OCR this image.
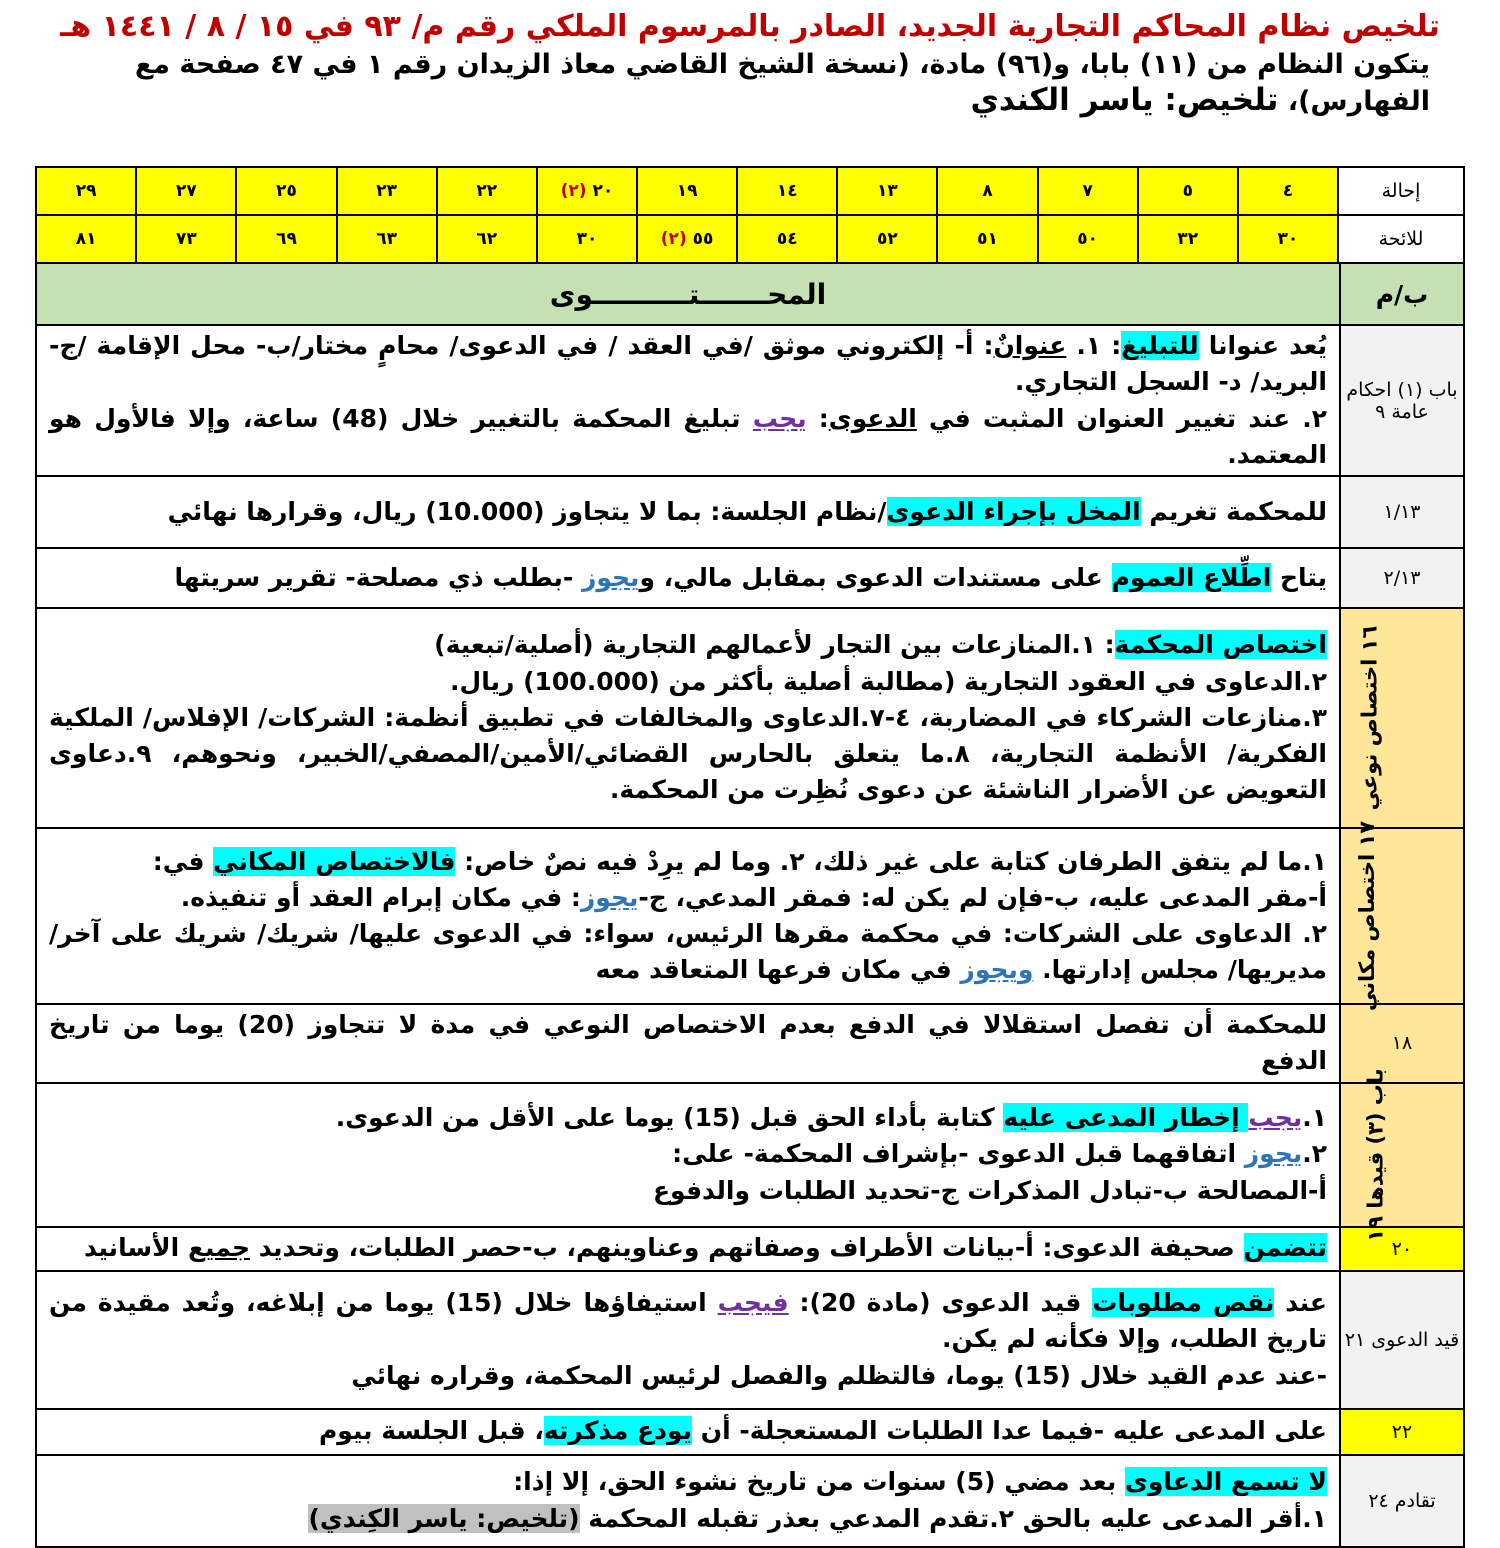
تلخيص نظام المحاكم التجارية الجديد، الصادر بالمرسوم الملكي رقم م/ ٩٣ في ١٥ / ٨ / ١٤٤١ هـ
يتكون النظام من (١١) بابا، و(٩٦) مادة، (نسخة الشيخ القاضي معاذ الزيدان رقم ١ في ٤٧ صفحة مع الفهارس)، تلخيص: ياسر الكندي
إحالة	٤	٥	٧	٨	١٣	١٤	١٩	٢٠ (٢)	٢٢	٢٣	٢٥	٢٧	٢٩
للائحة	٣٠	٣٢	٥٠	٥١	٥٢	٥٤	٥٥ (٢)	٣٠	٦٢	٦٣	٦٩	٧٣	٨١
ب/م	المحـــــــتــــــــــوى
باب (١) احكام عامة ٩	يُعد عنوانا للتبليغ: ١. عنوانٌ: أ- إلكتروني موثق /في العقد / في الدعوى/ محامٍ مختار/ب- محل الإقامة /ج- البريد/ د- السجل التجاري.
٢. عند تغيير العنوان المثبت في الدعوى: يجب تبليغ المحكمة بالتغيير خلال (48) ساعة، وإلا فالأول هو المعتمد.
١/١٣	للمحكمة تغريم المخل بإجراء الدعوى/نظام الجلسة: بما لا يتجاوز (10.000) ريال، وقرارها نهائي
٢/١٣	يتاح اطِّلاع العموم على مستندات الدعوى بمقابل مالي، ويجوز -بطلب ذي مصلحة- تقرير سريتها
١٦ اختصاص نوعي	اختصاص المحكمة: ١.المنازعات بين التجار لأعمالهم التجارية (أصلية/تبعية)
٢.الدعاوى في العقود التجارية (مطالبة أصلية بأكثر من (100.000) ريال.
٣.منازعات الشركاء في المضاربة، ٤-٧.الدعاوى والمخالفات في تطبيق أنظمة: الشركات/ الإفلاس/ الملكية الفكرية/ الأنظمة التجارية، ٨.ما يتعلق بالحارس القضائي/الأمين/المصفي/الخبير، ونحوهم، ٩.دعاوى التعويض عن الأضرار الناشئة عن دعوى نُظِرت من المحكمة.
١٧ اختصاص مكاني	١.ما لم يتفق الطرفان كتابة على غير ذلك، ٢. وما لم يرِدْ فيه نصٌ خاص: فالاختصاص المكاني في:
أ-مقر المدعى عليه، ب-فإن لم يكن له: فمقر المدعي، ج-يجوز: في مكان إبرام العقد أو تنفيذه.
٢. الدعاوى على الشركات: في محكمة مقرها الرئيس، سواء: في الدعوى عليها/ شريك/ شريك على آخر/ مديريها/ مجلس إدارتها. ويجوز في مكان فرعها المتعاقد معه
١٨	للمحكمة أن تفصل استقلالا في الدفع بعدم الاختصاص النوعي في مدة لا تتجاوز (20) يوما من تاريخ الدفع
باب (٣) قيدها ١٩	١.يجب إخطار المدعى عليه كتابة بأداء الحق قبل (15) يوما على الأقل من الدعوى.
٢.يجوز اتفاقهما قبل الدعوى -بإشراف المحكمة- على:
أ-المصالحة ب-تبادل المذكرات ج-تحديد الطلبات والدفوع
٢٠	تتضمن صحيفة الدعوى: أ-بيانات الأطراف وصفاتهم وعناوينهم، ب-حصر الطلبات، وتحديد جميع الأسانيد
قيد الدعوى ٢١	عند نقص مطلوبات قيد الدعوى (مادة 20): فيجب استيفاؤها خلال (15) يوما من إبلاغه، وتُعد مقيدة من تاريخ الطلب، وإلا فكأنه لم يكن.
-عند عدم القيد خلال (15) يوما، فالتظلم والفصل لرئيس المحكمة، وقراره نهائي
٢٢	على المدعى عليه -فيما عدا الطلبات المستعجلة- أن يودع مذكرته، قبل الجلسة بيوم
تقادم ٢٤	لا تسمع الدعاوى بعد مضي (5) سنوات من تاريخ نشوء الحق، إلا إذا:
١.أقر المدعى عليه بالحق ٢.تقدم المدعي بعذر تقبله المحكمة (تلخيص: ياسر الكِندي)
